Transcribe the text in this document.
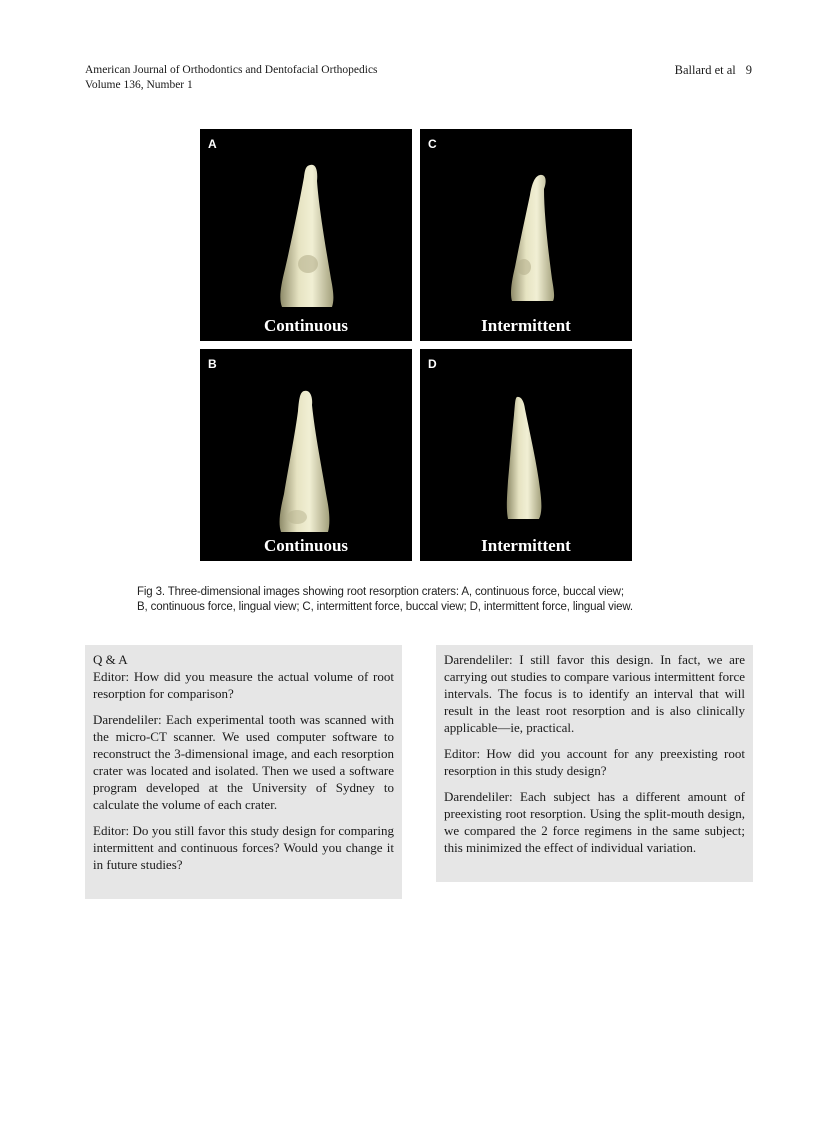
American Journal of Orthodontics and Dentofacial Orthopedics
Volume 136, Number 1
Ballard et al 9
A
Continuous
C
Intermittent
B
Continuous
D
Intermittent
Fig 3. Three-dimensional images showing root resorption craters: A, continuous force, buccal view;
B, continuous force, lingual view; C, intermittent force, buccal view; D, intermittent force, lingual view.

Q & A

Editor: How did you measure the actual volume of root resorption for comparison?

Darendeliler: Each experimental tooth was scanned with the micro-CT scanner. We used computer software to reconstruct the 3-dimensional image, and each resorption crater was located and isolated. Then we used a software program developed at the University of Sydney to calculate the volume of each crater.

Editor: Do you still favor this study design for comparing intermittent and continuous forces? Would you change it in future studies?

Darendeliler: I still favor this design. In fact, we are carrying out studies to compare various intermittent force intervals. The focus is to identify an interval that will result in the least root resorption and is also clinically applicable—ie, practical.

Editor: How did you account for any preexisting root resorption in this study design?

Darendeliler: Each subject has a different amount of preexisting root resorption. Using the split-mouth design, we compared the 2 force regimens in the same subject; this minimized the effect of individual variation.
